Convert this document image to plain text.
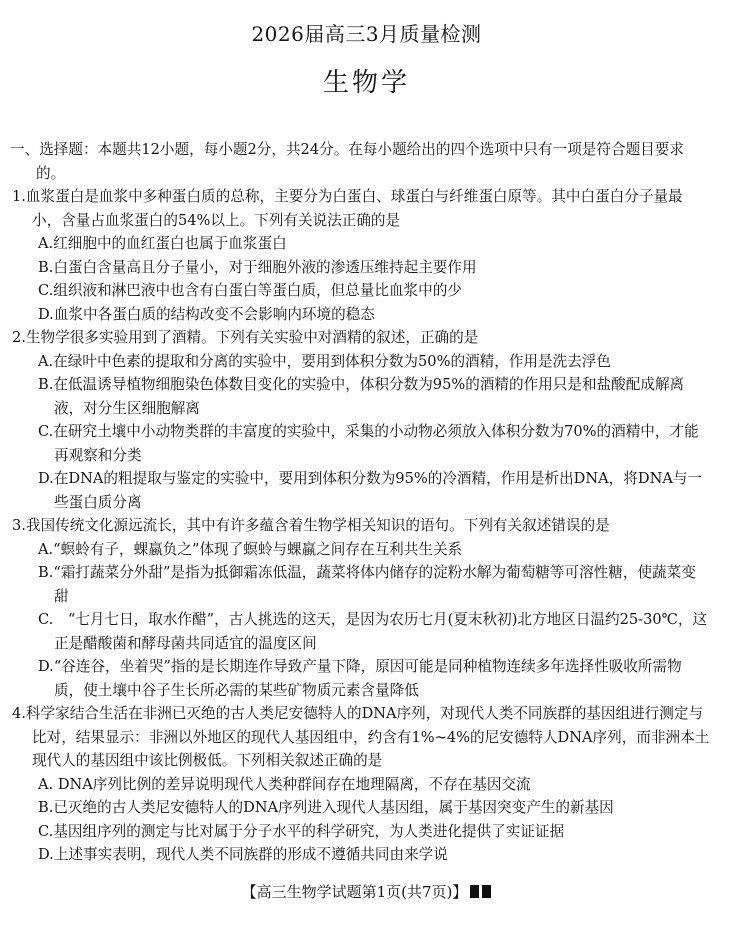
2026届高三3月质量检测
生物学
一、选择题：本题共12小题，每小题2分，共24分。在每小题给出的四个选项中只有一项是符合题目要求的。
1.血浆蛋白是血浆中多种蛋白质的总称，主要分为白蛋白、球蛋白与纤维蛋白原等。其中白蛋白分子量最小，含量占血浆蛋白的54%以上。下列有关说法正确的是
A.红细胞中的血红蛋白也属于血浆蛋白
B.白蛋白含量高且分子量小，对于细胞外液的渗透压维持起主要作用
C.组织液和淋巴液中也含有白蛋白等蛋白质，但总量比血浆中的少
D.血浆中各蛋白质的结构改变不会影响内环境的稳态
2.生物学很多实验用到了酒精。下列有关实验中对酒精的叙述，正确的是
A.在绿叶中色素的提取和分离的实验中，要用到体积分数为50%的酒精，作用是洗去浮色
B.在低温诱导植物细胞染色体数目变化的实验中，体积分数为95%的酒精的作用只是和盐酸配成解离液，对分生区细胞解离
C.在研究土壤中小动物类群的丰富度的实验中，采集的小动物必须放入体积分数为70%的酒精中，才能再观察和分类
D.在DNA的粗提取与鉴定的实验中，要用到体积分数为95%的冷酒精，作用是析出DNA，将DNA与一些蛋白质分离
3.我国传统文化源远流长，其中有许多蕴含着生物学相关知识的语句。下列有关叙述错误的是
A.“螟蛉有子，蜾蠃负之”体现了螟蛉与蜾蠃之间存在互利共生关系
B.“霜打蔬菜分外甜”是指为抵御霜冻低温，蔬菜将体内储存的淀粉水解为葡萄糖等可溶性糖，使蔬菜变甜
C.　“七月七日，取水作醋”，古人挑选的这天，是因为农历七月(夏末秋初)北方地区日温约25-30℃，这正是醋酸菌和酵母菌共同适宜的温度区间
D.“谷连谷，坐着哭”指的是长期连作导致产量下降，原因可能是同种植物连续多年选择性吸收所需物质，使土壤中谷子生长所必需的某些矿物质元素含量降低
4.科学家结合生活在非洲已灭绝的古人类尼安德特人的DNA序列，对现代人类不同族群的基因组进行测定与比对，结果显示：非洲以外地区的现代人基因组中，约含有1%~4%的尼安德特人DNA序列，而非洲本土现代人的基因组中该比例极低。下列相关叙述正确的是
A. DNA序列比例的差异说明现代人类种群间存在地理隔离，不存在基因交流
B.已灭绝的古人类尼安德特人的DNA序列进入现代人基因组，属于基因突变产生的新基因
C.基因组序列的测定与比对属于分子水平的科学研究，为人类进化提供了实证证据
D.上述事实表明，现代人类不同族群的形成不遵循共同由来学说
【高三生物学试题第1页(共7页)】
